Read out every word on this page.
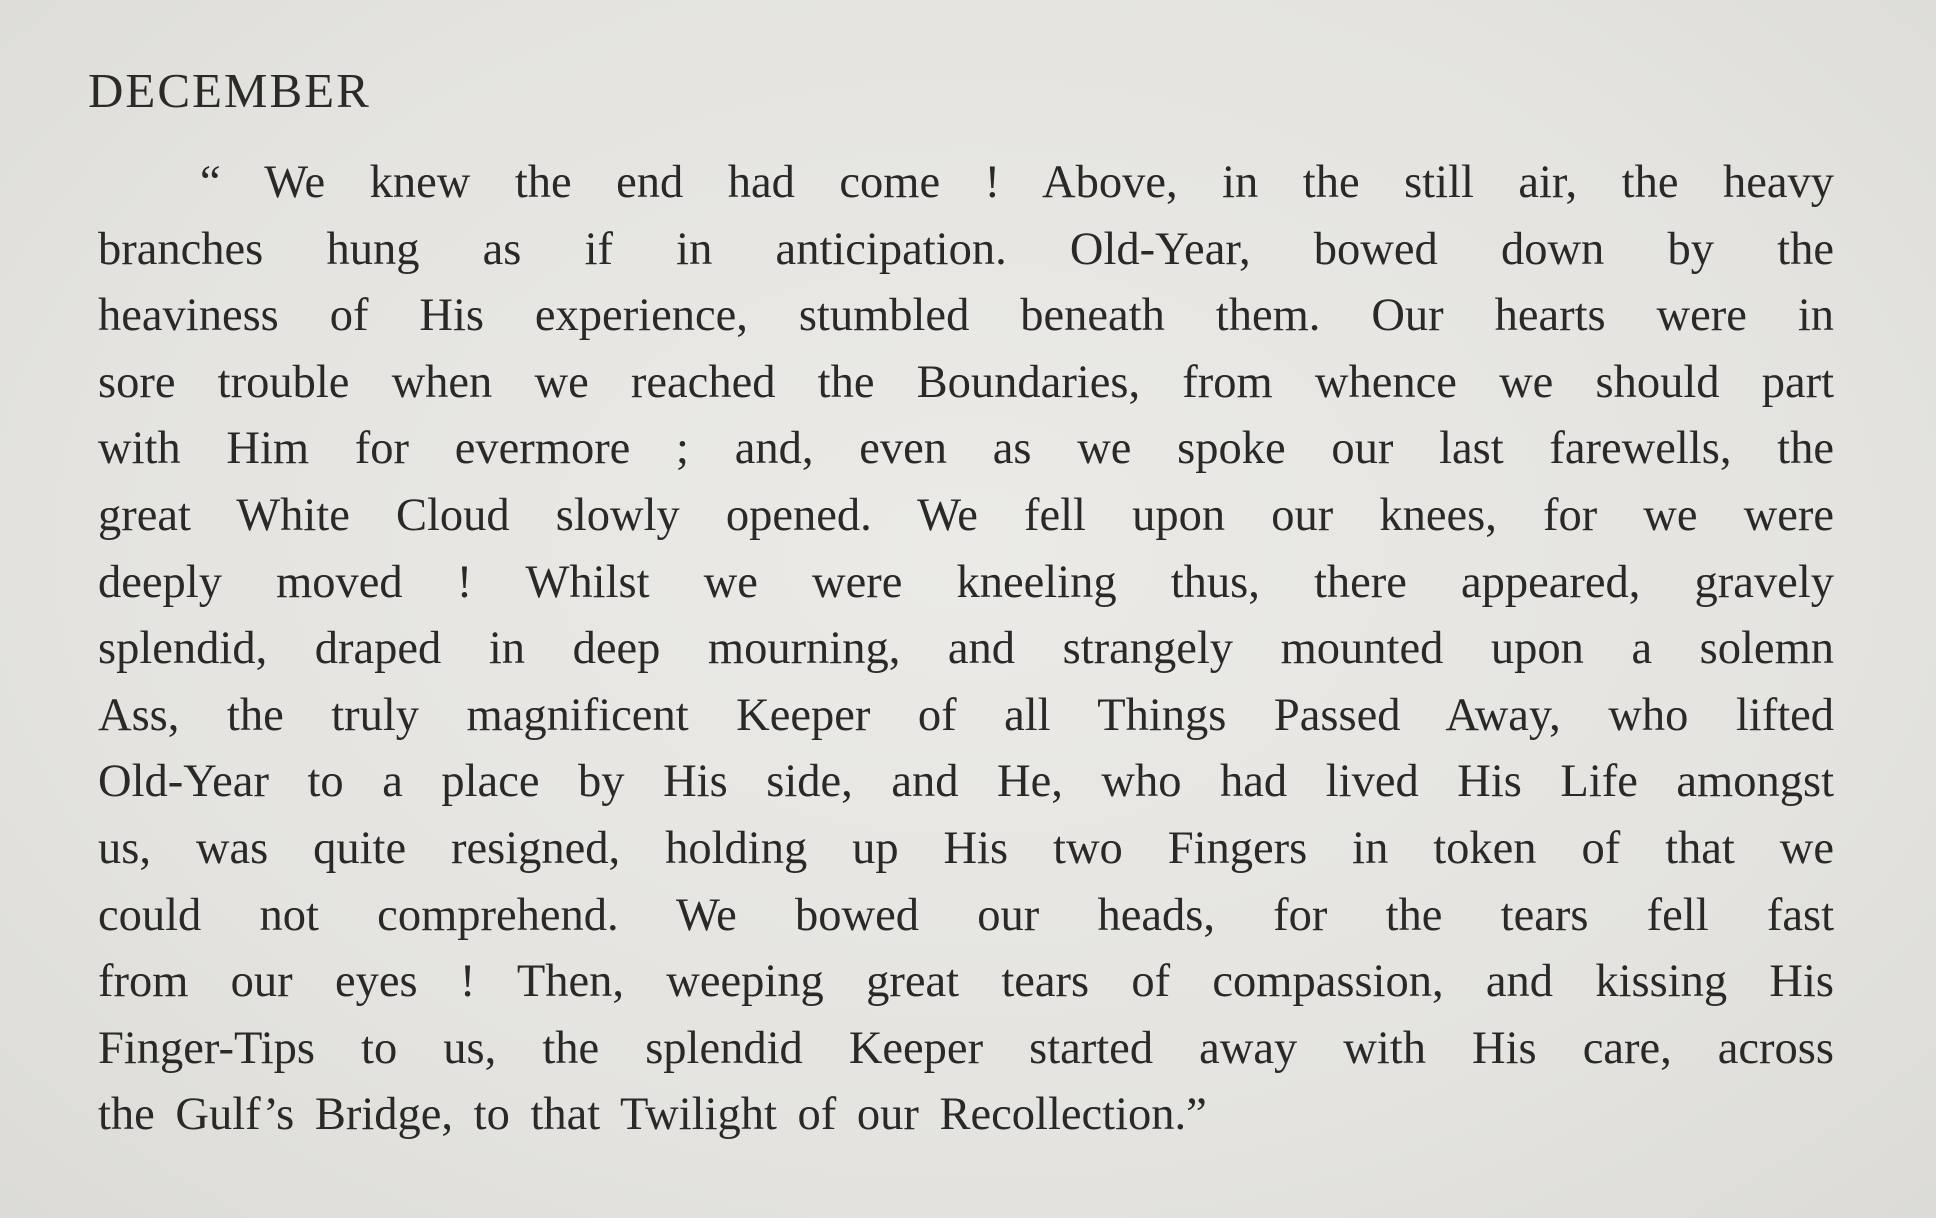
DECEMBER
“ We knew the end had come ! Above, in the still air, the heavy
branches hung as if in anticipation. Old-Year, bowed down by the
heaviness of His experience, stumbled beneath them. Our hearts were in
sore trouble when we reached the Boundaries, from whence we should part
with Him for evermore ; and, even as we spoke our last farewells, the
great White Cloud slowly opened. We fell upon our knees, for we were
deeply moved ! Whilst we were kneeling thus, there appeared, gravely
splendid, draped in deep mourning, and strangely mounted upon a solemn
Ass, the truly magnificent Keeper of all Things Passed Away, who lifted
Old-Year to a place by His side, and He, who had lived His Life amongst
us, was quite resigned, holding up His two Fingers in token of that we
could not comprehend. We bowed our heads, for the tears fell fast
from our eyes ! Then, weeping great tears of compassion, and kissing His
Finger-Tips to us, the splendid Keeper started away with His care, across
the Gulf’s Bridge, to that Twilight of our Recollection.”
